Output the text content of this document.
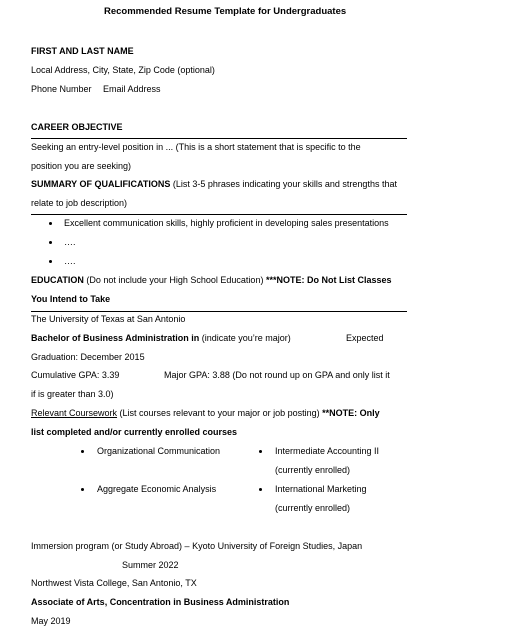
Recommended Resume Template for Undergraduates
FIRST AND LAST NAME
Local Address, City, State, Zip Code (optional)
Phone Number Email Address
CAREER OBJECTIVE
Seeking an entry-level position in ... (This is a short statement that is specific to the
position you are seeking)
SUMMARY OF QUALIFICATIONS (List 3-5 phrases indicating your skills and strengths that
relate to job description)
Excellent communication skills, highly proficient in developing sales presentations
….
….
EDUCATION (Do not include your High School Education) ***NOTE: Do Not List Classes
You Intend to Take
The University of Texas at San Antonio
Bachelor of Business Administration in (indicate you’re major)	Expected
Graduation: December 2015
Cumulative GPA: 3.39	Major GPA: 3.88 (Do not round up on GPA and only list it
if is greater than 3.0)
Relevant Coursework (List courses relevant to your major or job posting) **NOTE: Only
list completed and/or currently enrolled courses
Organizational Communication	Intermediate Accounting II
(currently enrolled)
Aggregate Economic Analysis	International Marketing
(currently enrolled)
Immersion program (or Study Abroad) – Kyoto University of Foreign Studies, Japan
Summer 2022
Northwest Vista College, San Antonio, TX
Associate of Arts, Concentration in Business Administration
May 2019
